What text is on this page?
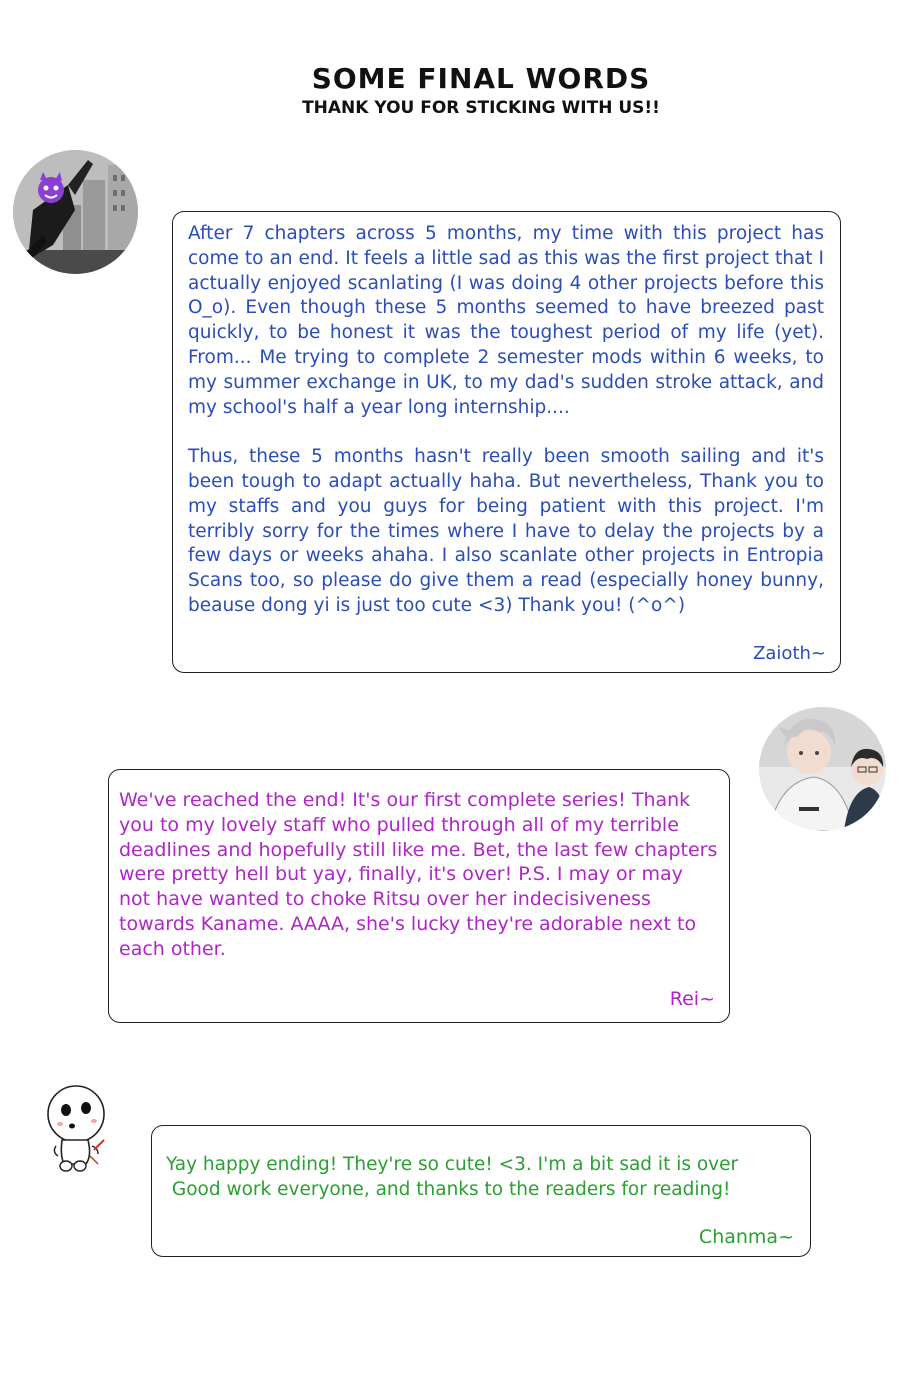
SOME FINAL WORDS
THANK YOU FOR STICKING WITH US!!

After 7 chapters across 5 months, my time with this project has come to an end. It feels a little sad as this was the first project that I actually enjoyed scanlating (I was doing 4 other projects before this O_o). Even though these 5 months seemed to have breezed past quickly, to be honest it was the toughest period of my life (yet). From... Me trying to complete 2 semester mods within 6 weeks, to my summer exchange in UK, to my dad's sudden stroke attack, and my school's half a year long internship....

Thus, these 5 months hasn't really been smooth sailing and it's been tough to adapt actually haha. But nevertheless, Thank you to my staffs and you guys for being patient with this project. I'm terribly sorry for the times where I have to delay the projects by a few days or weeks ahaha. I also scanlate other projects in Entropia Scans too, so please do give them a read (especially honey bunny, beause dong yi is just too cute <3) Thank you! (^o^)

Zaioth~

We've reached the end! It's our first complete series! Thank you to my lovely staff who pulled through all of my terrible deadlines and hopefully still like me. Bet, the last few chapters were pretty hell but yay, finally, it's over! P.S. I may or may not have wanted to choke Ritsu over her indecisiveness towards Kaname. AAAA, she's lucky they're adorable next to each other.

Rei~

Yay happy ending! They're so cute! <3. I'm a bit sad it is over
Good work everyone, and thanks to the readers for reading!

Chanma~
